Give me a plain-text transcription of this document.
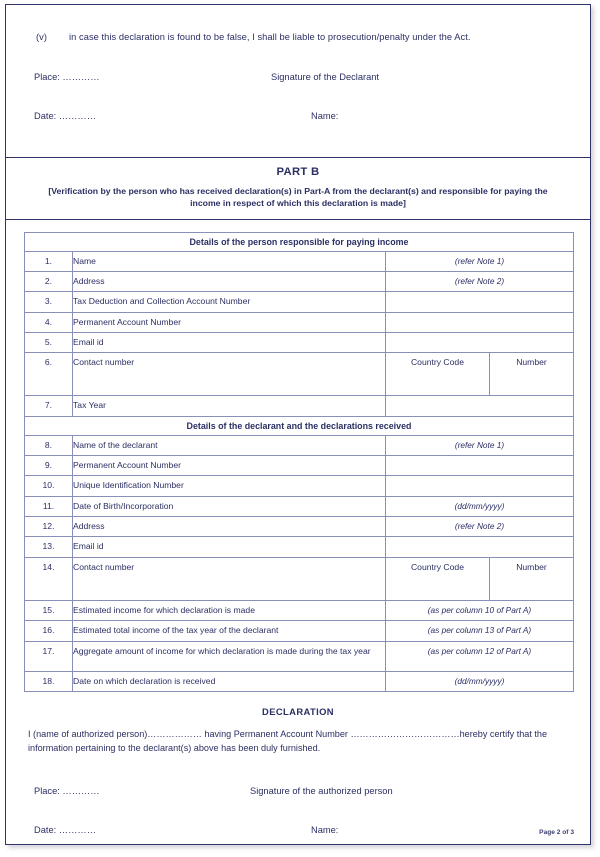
(v)	in case this declaration is found to be false, I shall be liable to prosecution/penalty under the Act.
Place: …………	Signature of the Declarant
Date: …………	Name:
PART B
[Verification by the person who has received declaration(s) in Part-A from the declarant(s) and responsible for paying the income in respect of which this declaration is made]
Details of the person responsible for paying income			
1.	Name	(refer Note 1)	
2.	Address	(refer Note 2)	
3.	Tax Deduction and Collection Account Number		
4.	Permanent Account Number		
5.	Email id		
6.	Contact number	Country Code	Number
7.	Tax Year		
Details of the declarant and the declarations received			
8.	Name of the declarant	(refer Note 1)	
9.	Permanent Account Number		
10.	Unique Identification Number		
11.	Date of Birth/Incorporation	(dd/mm/yyyy)	
12.	Address	(refer Note 2)	
13.	Email id		
14.	Contact number	Country Code	Number
15.	Estimated income for which declaration is made	(as per column 10 of Part A)	
16.	Estimated total income of the tax year of the declarant	(as per column 13 of Part A)	
17.	Aggregate amount of income for which declaration is made during the tax year	(as per column 12 of Part A)	
18.	Date on which declaration is received	(dd/mm/yyyy)	
DECLARATION
I (name of authorized person)……………… having Permanent Account Number ………………………………hereby certify that the information pertaining to the declarant(s) above has been duly furnished.
Place: …………	Signature of the authorized person
Date: …………	Name:	Page 2 of 3
